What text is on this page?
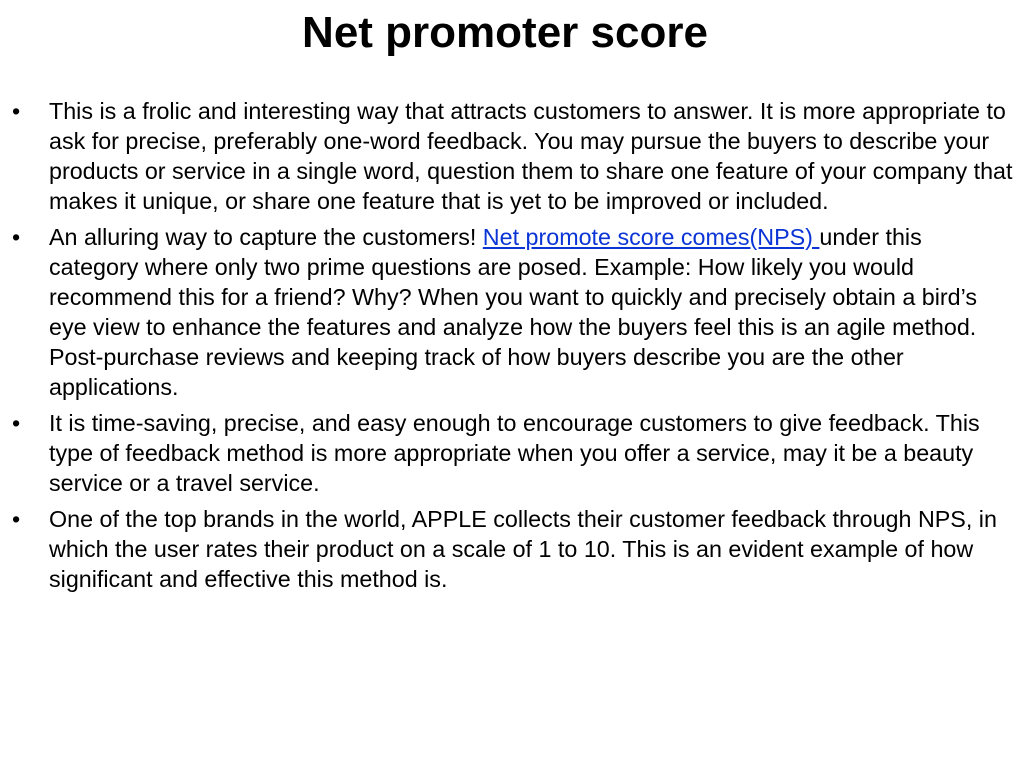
Net promoter score
•	This is a frolic and interesting way that attracts customers to answer. It is more appropriate to ask for precise, preferably one-word feedback. You may pursue the buyers to describe your products or service in a single word, question them to share one feature of your company that makes it unique, or share one feature that is yet to be improved or included.
•	An alluring way to capture the customers! Net promote score comes(NPS) under this category where only two prime questions are posed. Example: How likely you would recommend this for a friend? Why? When you want to quickly and precisely obtain a bird’s eye view to enhance the features and analyze how the buyers feel this is an agile method. Post-purchase reviews and keeping track of how buyers describe you are the other applications.
•	It is time-saving, precise, and easy enough to encourage customers to give feedback. This type of feedback method is more appropriate when you offer a service, may it be a beauty service or a travel service.
•	One of the top brands in the world, APPLE collects their customer feedback through NPS, in which the user rates their product on a scale of 1 to 10. This is an evident example of how significant and effective this method is.
